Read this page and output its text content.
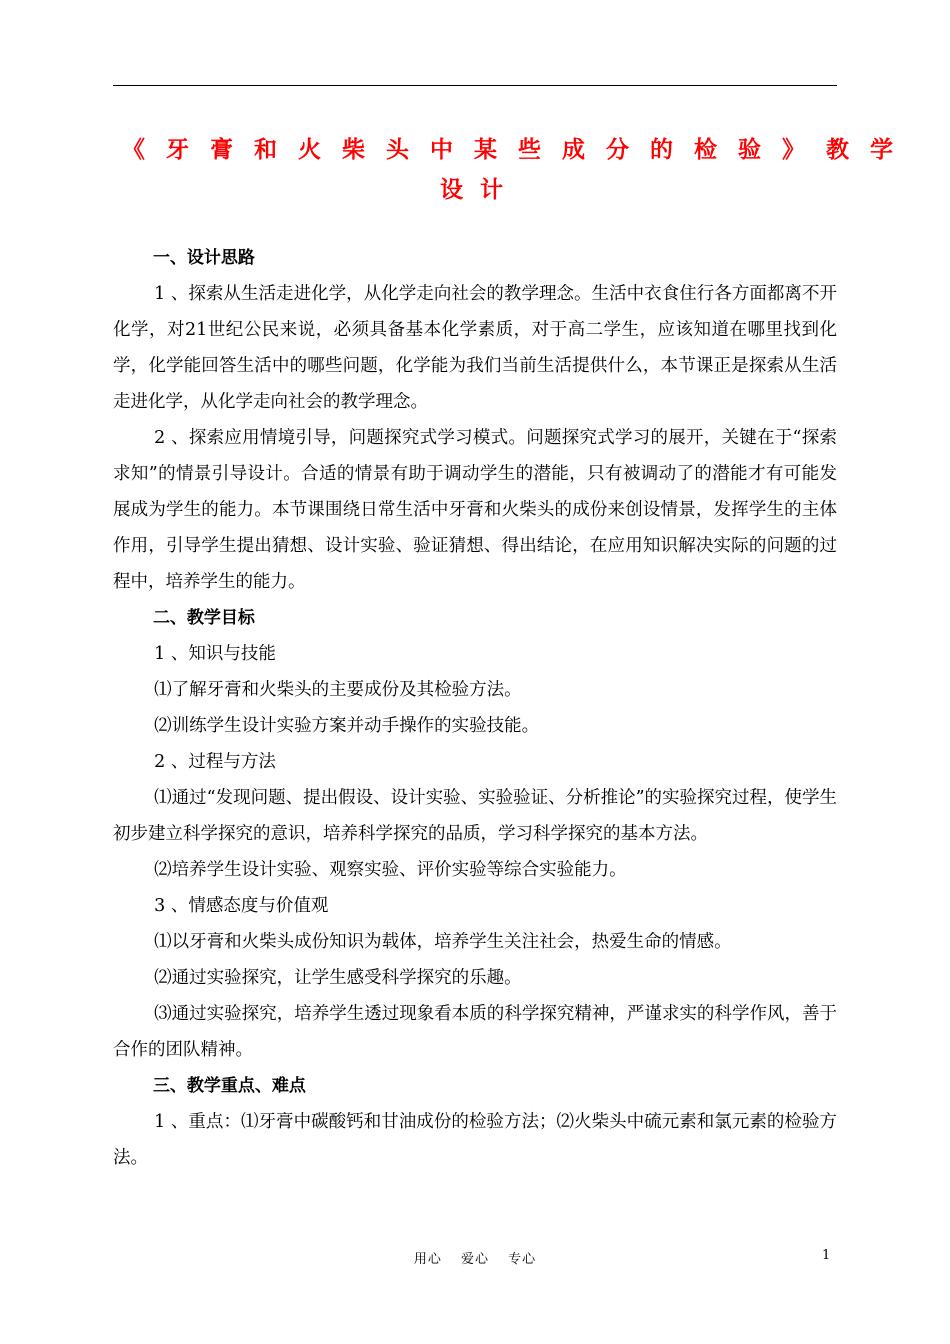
《牙膏和火柴头中某些成分的检验》教学
设计

一、设计思路

1 、探索从生活走进化学，从化学走向社会的教学理念。生活中衣食住行各方面都离不开化学，对21世纪公民来说，必须具备基本化学素质，对于高二学生，应该知道在哪里找到化学，化学能回答生活中的哪些问题，化学能为我们当前生活提供什么，本节课正是探索从生活走进化学，从化学走向社会的教学理念。

2 、探索应用情境引导，问题探究式学习模式。问题探究式学习的展开，关键在于“探索求知”的情景引导设计。合适的情景有助于调动学生的潜能，只有被调动了的潜能才有可能发展成为学生的能力。本节课围绕日常生活中牙膏和火柴头的成份来创设情景，发挥学生的主体作用，引导学生提出猜想、设计实验、验证猜想、得出结论，在应用知识解决实际的问题的过程中，培养学生的能力。

二、教学目标

1 、知识与技能

⑴了解牙膏和火柴头的主要成份及其检验方法。

⑵训练学生设计实验方案并动手操作的实验技能。

2 、过程与方法

⑴通过“发现问题、提出假设、设计实验、实验验证、分析推论”的实验探究过程，使学生初步建立科学探究的意识，培养科学探究的品质，学习科学探究的基本方法。

⑵培养学生设计实验、观察实验、评价实验等综合实验能力。

3 、情感态度与价值观

⑴以牙膏和火柴头成份知识为载体，培养学生关注社会，热爱生命的情感。

⑵通过实验探究，让学生感受科学探究的乐趣。

⑶通过实验探究，培养学生透过现象看本质的科学探究精神，严谨求实的科学作风，善于合作的团队精神。

三、教学重点、难点

1 、重点：⑴牙膏中碳酸钙和甘油成份的检验方法；⑵火柴头中硫元素和氯元素的检验方法。

用心 爱心 专心	1
